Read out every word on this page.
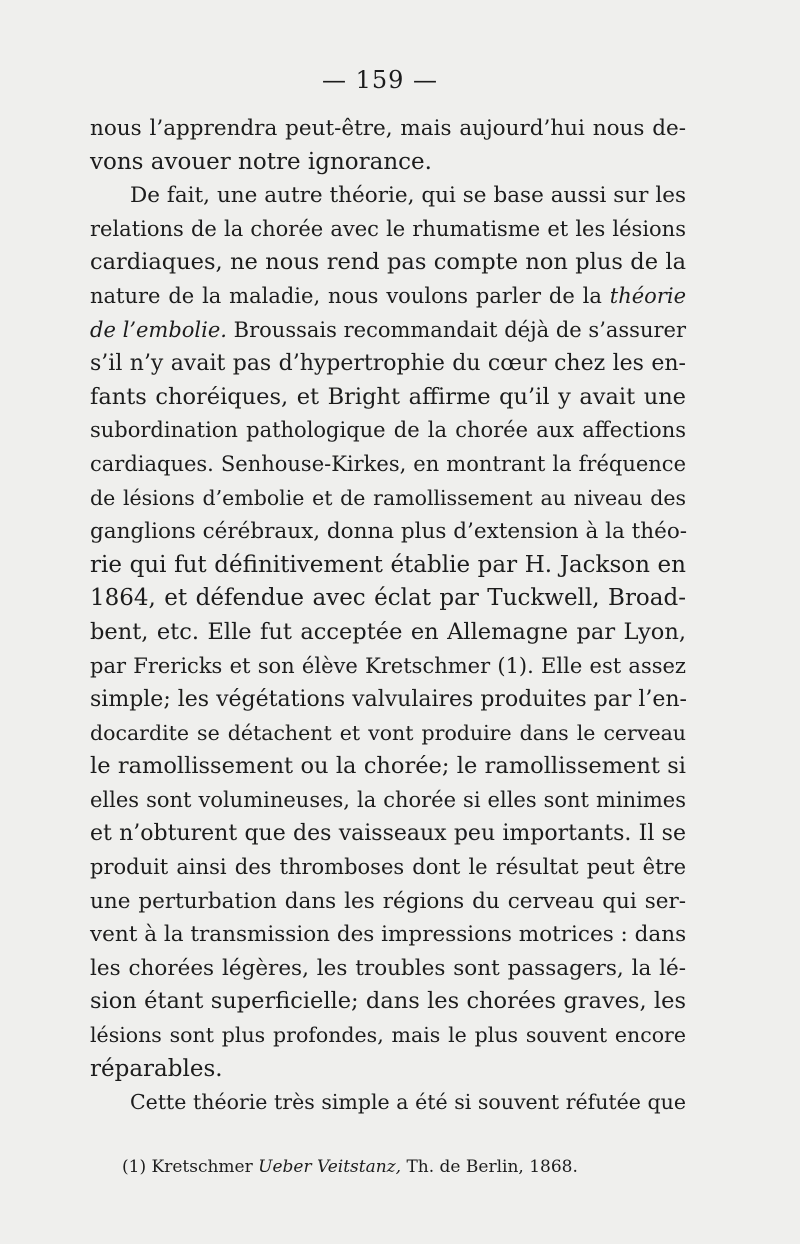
— 159 —
nous l’apprendra peut-être, mais aujourd’hui nous de-
vons avouer notre ignorance.
De fait, une autre théorie, qui se base aussi sur les
relations de la chorée avec le rhumatisme et les lésions
cardiaques, ne nous rend pas compte non plus de la
nature de la maladie, nous voulons parler de la théorie
de l’embolie. Broussais recommandait déjà de s’assurer
s’il n’y avait pas d’hypertrophie du cœur chez les en-
fants choréiques, et Bright affirme qu’il y avait une
subordination pathologique de la chorée aux affections
cardiaques. Senhouse-Kirkes, en montrant la fréquence
de lésions d’embolie et de ramollissement au niveau des
ganglions cérébraux, donna plus d’extension à la théo-
rie qui fut définitivement établie par H. Jackson en
1864, et défendue avec éclat par Tuckwell, Broad-
bent, etc. Elle fut acceptée en Allemagne par Lyon,
par Frericks et son élève Kretschmer (1). Elle est assez
simple; les végétations valvulaires produites par l’en-
docardite se détachent et vont produire dans le cerveau
le ramollissement ou la chorée; le ramollissement si
elles sont volumineuses, la chorée si elles sont minimes
et n’obturent que des vaisseaux peu importants. Il se
produit ainsi des thromboses dont le résultat peut être
une perturbation dans les régions du cerveau qui ser-
vent à la transmission des impressions motrices : dans
les chorées légères, les troubles sont passagers, la lé-
sion étant superficielle; dans les chorées graves, les
lésions sont plus profondes, mais le plus souvent encore
réparables.
Cette théorie très simple a été si souvent réfutée que
(1) Kretschmer Ueber Veitstanz, Th. de Berlin, 1868.
